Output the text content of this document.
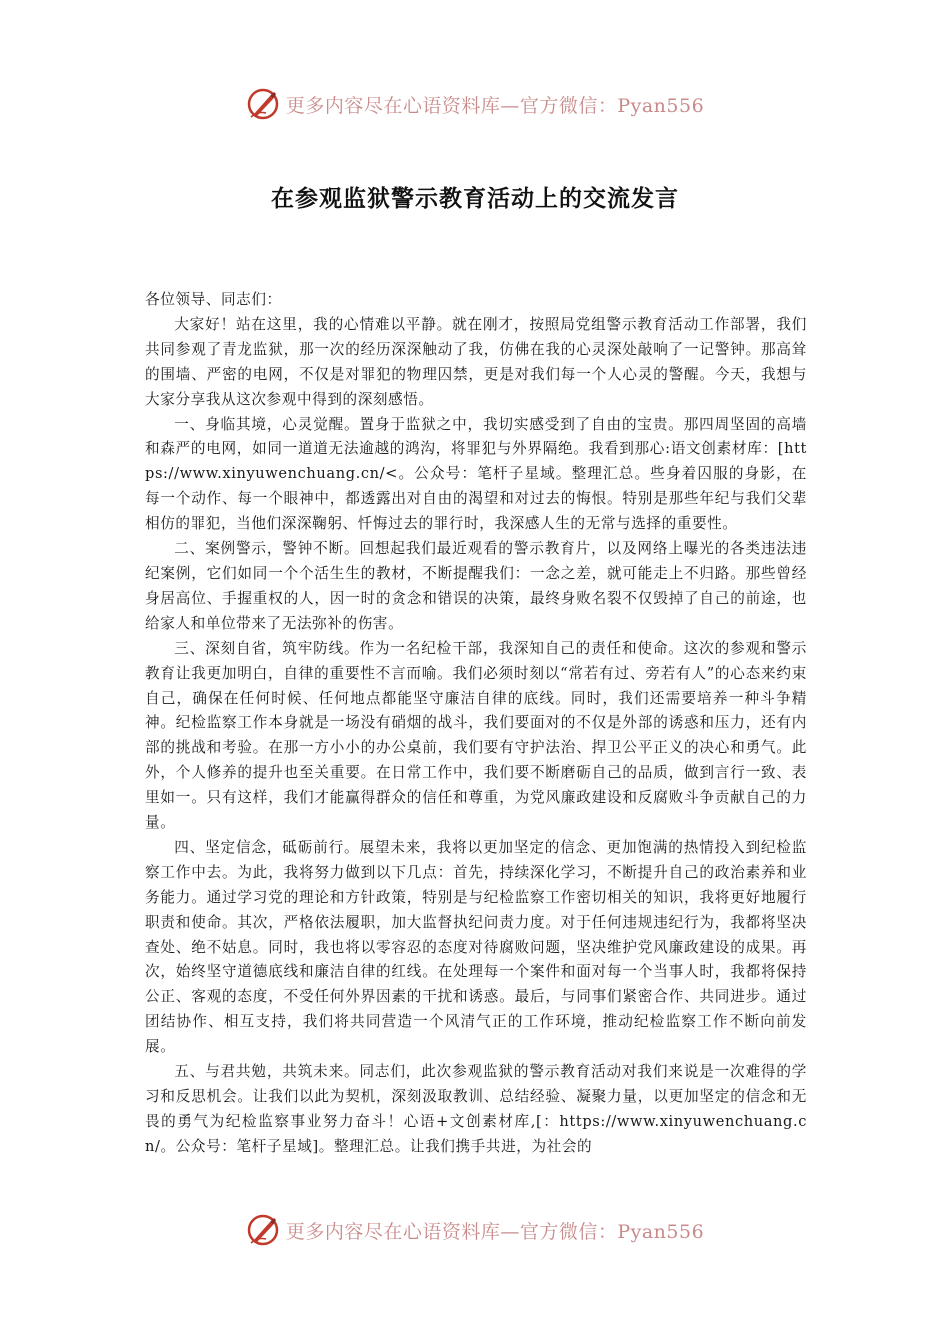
更多内容尽在心语资料库—官方微信：Pyan556
在参观监狱警示教育活动上的交流发言

各位领导、同志们：

大家好！站在这里，我的心情难以平静。就在刚才，按照局党组警示教育活动工作部署，我们共同参观了青龙监狱，那一次的经历深深触动了我，仿佛在我的心灵深处敲响了一记警钟。那高耸的围墙、严密的电网，不仅是对罪犯的物理囚禁，更是对我们每一个人心灵的警醒。今天，我想与大家分享我从这次参观中得到的深刻感悟。

一、身临其境，心灵觉醒。置身于监狱之中，我切实感受到了自由的宝贵。那四周坚固的高墙和森严的电网，如同一道道无法逾越的鸿沟，将罪犯与外界隔绝。我看到那心:语文创素材库：[https://www.xinyuwenchuang.cn/<。公众号：笔杆子星域。整理汇总。些身着囚服的身影，在每一个动作、每一个眼神中，都透露出对自由的渴望和对过去的悔恨。特别是那些年纪与我们父辈相仿的罪犯，当他们深深鞠躬、忏悔过去的罪行时，我深感人生的无常与选择的重要性。

二、案例警示，警钟不断。回想起我们最近观看的警示教育片，以及网络上曝光的各类违法违纪案例，它们如同一个个活生生的教材，不断提醒我们：一念之差，就可能走上不归路。那些曾经身居高位、手握重权的人，因一时的贪念和错误的决策，最终身败名裂不仅毁掉了自己的前途，也给家人和单位带来了无法弥补的伤害。

三、深刻自省，筑牢防线。作为一名纪检干部，我深知自己的责任和使命。这次的参观和警示教育让我更加明白，自律的重要性不言而喻。我们必须时刻以“常若有过、旁若有人”的心态来约束自己，确保在任何时候、任何地点都能坚守廉洁自律的底线。同时，我们还需要培养一种斗争精神。纪检监察工作本身就是一场没有硝烟的战斗，我们要面对的不仅是外部的诱惑和压力，还有内部的挑战和考验。在那一方小小的办公桌前，我们要有守护法治、捍卫公平正义的决心和勇气。此外，个人修养的提升也至关重要。在日常工作中，我们要不断磨砺自己的品质，做到言行一致、表里如一。只有这样，我们才能赢得群众的信任和尊重，为党风廉政建设和反腐败斗争贡献自己的力量。

四、坚定信念，砥砺前行。展望未来，我将以更加坚定的信念、更加饱满的热情投入到纪检监察工作中去。为此，我将努力做到以下几点：首先，持续深化学习，不断提升自己的政治素养和业务能力。通过学习党的理论和方针政策，特别是与纪检监察工作密切相关的知识，我将更好地履行职责和使命。其次，严格依法履职，加大监督执纪问责力度。对于任何违规违纪行为，我都将坚决查处、绝不姑息。同时，我也将以零容忍的态度对待腐败问题，坚决维护党风廉政建设的成果。再次，始终坚守道德底线和廉洁自律的红线。在处理每一个案件和面对每一个当事人时，我都将保持公正、客观的态度，不受任何外界因素的干扰和诱惑。最后，与同事们紧密合作、共同进步。通过团结协作、相互支持，我们将共同营造一个风清气正的工作环境，推动纪检监察工作不断向前发展。

五、与君共勉，共筑未来。同志们，此次参观监狱的警示教育活动对我们来说是一次难得的学习和反思机会。让我们以此为契机，深刻汲取教训、总结经验、凝聚力量，以更加坚定的信念和无畏的勇气为纪检监察事业努力奋斗！心语+文创素材库,[：https://www.xinyuwenchuang.cn/。公众号：笔杆子星域]。整理汇总。让我们携手共进，为社会的

更多内容尽在心语资料库—官方微信：Pyan556
